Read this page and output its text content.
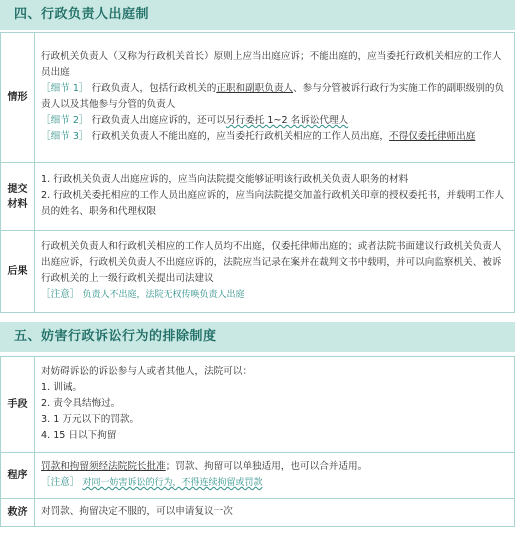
四、行政负责人出庭制
情形	行政机关负责人（又称为行政机关首长）原则上应当出庭应诉；不能出庭的，应当委托行政机关相应的工作人员出庭
［细节 1］ 行政负责人，包括行政机关的正职和副职负责人、参与分管被诉行政行为实施工作的副职级别的负责人以及其他参与分管的负责人
［细节 2］ 行政负责人出庭应诉的，还可以另行委托 1~2 名诉讼代理人
［细节 3］ 行政机关负责人不能出庭的，应当委托行政机关相应的工作人员出庭，不得仅委托律师出庭

提交
材料	1. 行政机关负责人出庭应诉的，应当向法院提交能够证明该行政机关负责人职务的材料
2. 行政机关委托相应的工作人员出庭应诉的，应当向法院提交加盖行政机关印章的授权委托书，并载明工作人员的姓名、职务和代理权限

后果	行政机关负责人和行政机关相应的工作人员均不出庭，仅委托律师出庭的；或者法院书面建议行政机关负责人出庭应诉，行政机关负责人不出庭应诉的，法院应当记录在案并在裁判文书中载明，并可以向监察机关、被诉行政机关的上一级行政机关提出司法建议
［注意］ 负责人不出庭，法院无权传唤负责人出庭
五、妨害行政诉讼行为的排除制度
手段	对妨碍诉讼的诉讼参与人或者其他人，法院可以：
1. 训诫。
2. 责令具结悔过。
3. 1 万元以下的罚款。
4. 15 日以下拘留

程序	罚款和拘留须经法院院长批准；罚款、拘留可以单独适用，也可以合并适用。
［注意］ 对同一妨害诉讼的行为，不得连续拘留或罚款

救济	对罚款、拘留决定不服的，可以申请复议一次
